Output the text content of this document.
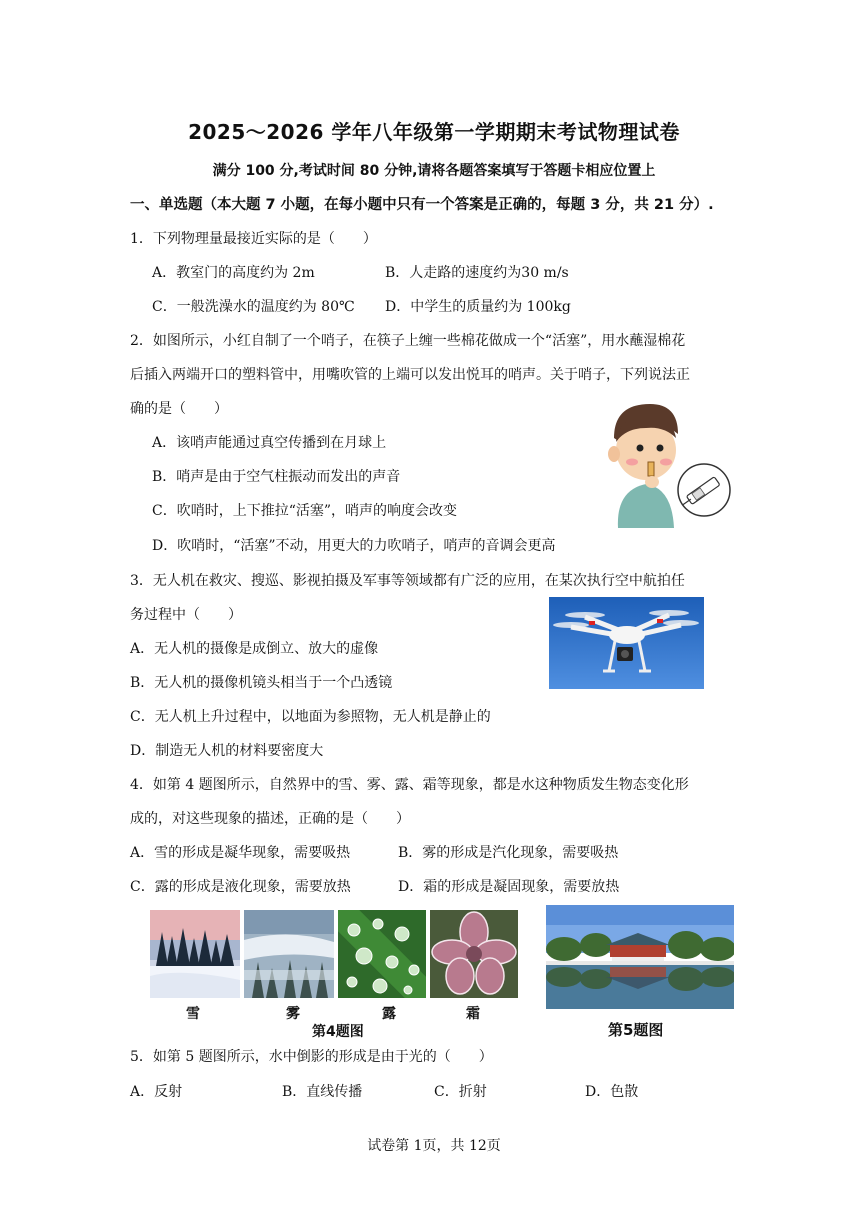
2025～2026 学年八年级第一学期期末考试物理试卷
满分 100 分,考试时间 80 分钟,请将各题答案填写于答题卡相应位置上
一、单选题（本大题 7 小题，在每小题中只有一个答案是正确的，每题 3 分，共 21 分）.
1．下列物理量最接近实际的是（　　）
A．教室门的高度约为 2m	B．人走路的速度约为30 m/s
C．一般洗澡水的温度约为 80℃ D．中学生的质量约为 100kg
2．如图所示，小红自制了一个哨子，在筷子上缠一些棉花做成一个“活塞”，用水蘸湿棉花
后插入两端开口的塑料管中，用嘴吹管的上端可以发出悦耳的哨声。关于哨子，下列说法正
确的是（　　）
A．该哨声能通过真空传播到在月球上
B．哨声是由于空气柱振动而发出的声音
C．吹哨时，上下推拉“活塞”，哨声的响度会改变
D．吹哨时，“活塞”不动，用更大的力吹哨子，哨声的音调会更高
3．无人机在救灾、搜巡、影视拍摄及军事等领域都有广泛的应用，在某次执行空中航拍任
务过程中（　　）
A．无人机的摄像是成倒立、放大的虚像
B．无人机的摄像机镜头相当于一个凸透镜
C．无人机上升过程中，以地面为参照物，无人机是静止的
D．制造无人机的材料要密度大
4．如第 4 题图所示，自然界中的雪、雾、露、霜等现象，都是水这种物质发生物态变化形
成的，对这些现象的描述，正确的是（　　）
A．雪的形成是凝华现象，需要吸热	B．雾的形成是汽化现象，需要吸热
C．露的形成是液化现象，需要放热	D．霜的形成是凝固现象，需要放热
雪	雾	露	霜
第4题图	第5题图
5．如第 5 题图所示，水中倒影的形成是由于光的（　　）
A．反射	B．直线传播	C．折射	D．色散
试卷第 1页，共 12页
